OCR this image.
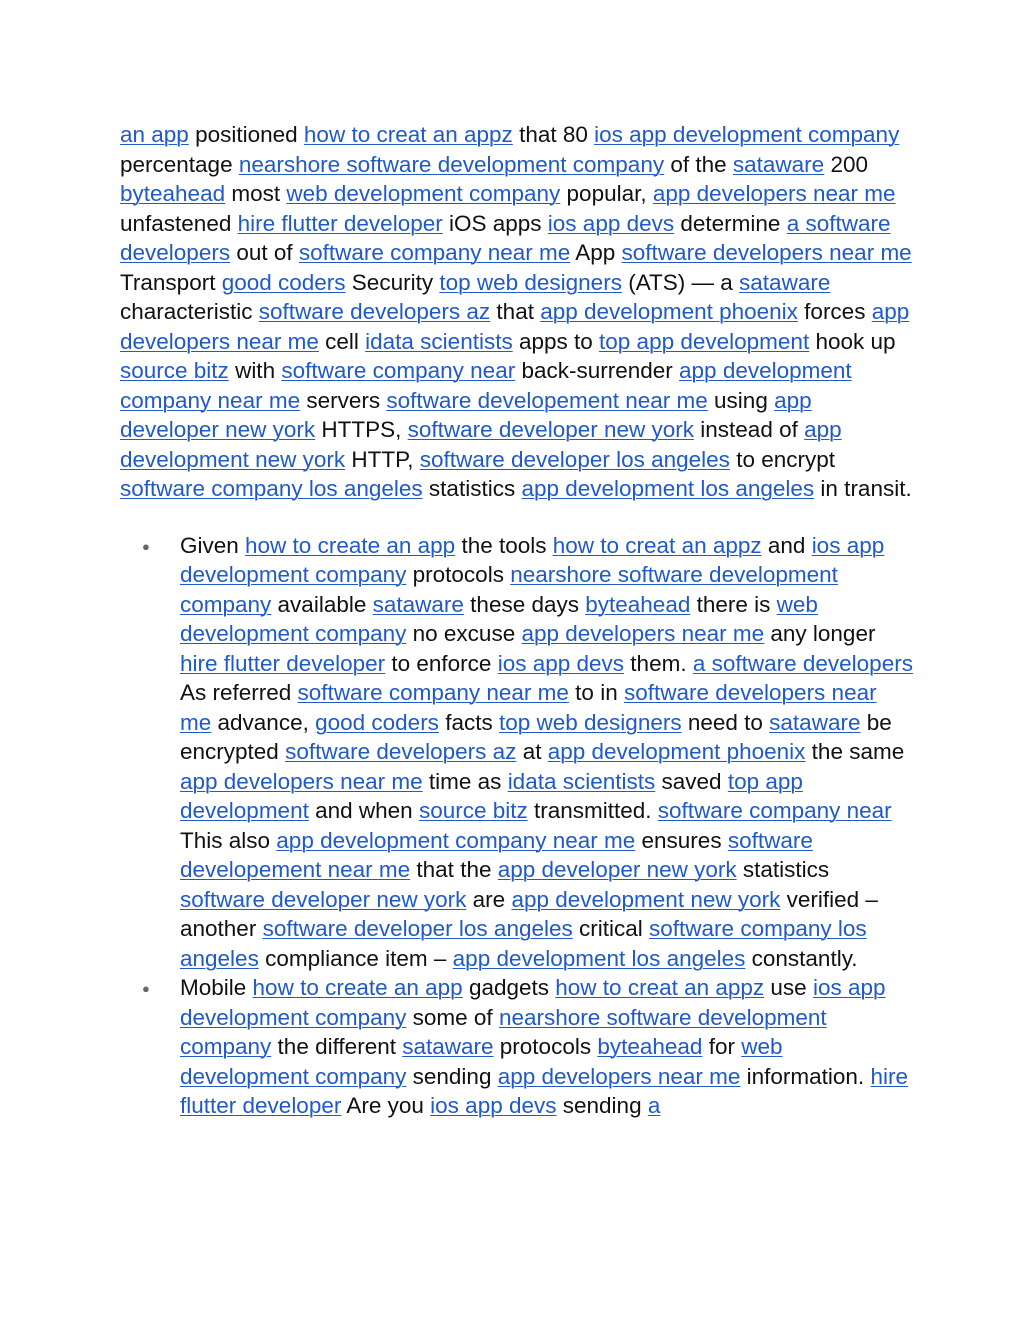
an app positioned how to creat an appz that 80 ios app development company percentage nearshore software development company of the sataware 200 byteahead most web development company popular, app developers near me unfastened hire flutter developer iOS apps ios app devs determine a software developers out of software company near me App software developers near me Transport good coders Security top web designers (ATS) — a sataware characteristic software developers az that app development phoenix forces app developers near me cell idata scientists apps to top app development hook up source bitz with software company near back-surrender app development company near me servers software developement near me using app developer new york HTTPS, software developer new york instead of app development new york HTTP, software developer los angeles to encrypt software company los angeles statistics app development los angeles in transit.

● Given how to create an app the tools how to creat an appz and ios app development company protocols nearshore software development company available sataware these days byteahead there is web development company no excuse app developers near me any longer hire flutter developer to enforce ios app devs them. a software developers As referred software company near me to in software developers near me advance, good coders facts top web designers need to sataware be encrypted software developers az at app development phoenix the same app developers near me time as idata scientists saved top app development and when source bitz transmitted. software company near This also app development company near me ensures software developement near me that the app developer new york statistics software developer new york are app development new york verified – another software developer los angeles critical software company los angeles compliance item – app development los angeles constantly.
● Mobile how to create an app gadgets how to creat an appz use ios app development company some of nearshore software development company the different sataware protocols byteahead for web development company sending app developers near me information. hire flutter developer Are you ios app devs sending a
